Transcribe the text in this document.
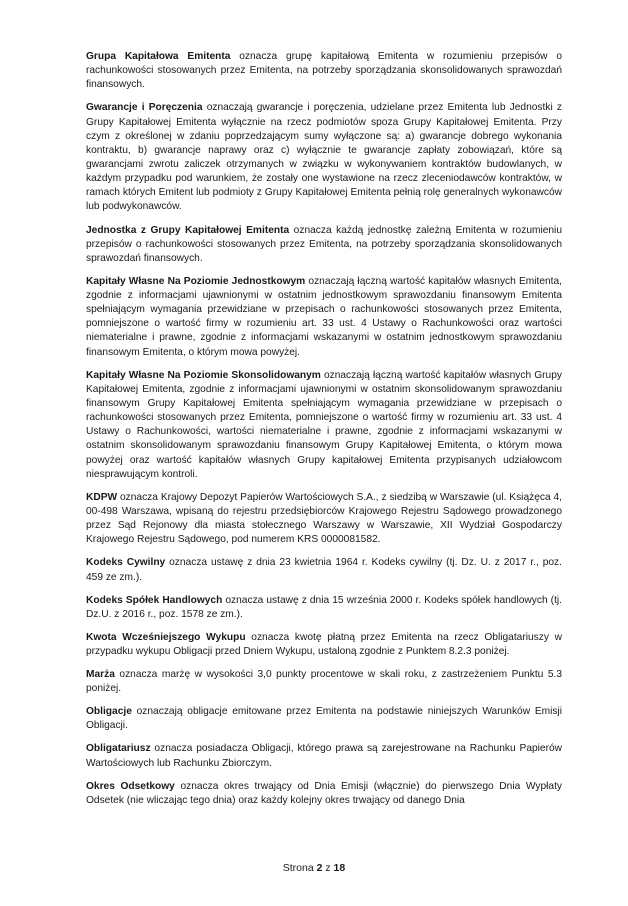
Grupa Kapitałowa Emitenta oznacza grupę kapitałową Emitenta w rozumieniu przepisów o rachunkowości stosowanych przez Emitenta, na potrzeby sporządzania skonsolidowanych sprawozdań finansowych.

Gwarancje i Poręczenia oznaczają gwarancje i poręczenia, udzielane przez Emitenta lub Jednostki z Grupy Kapitałowej Emitenta wyłącznie na rzecz podmiotów spoza Grupy Kapitałowej Emitenta. Przy czym z określonej w zdaniu poprzedzającym sumy wyłączone są: a) gwarancje dobrego wykonania kontraktu, b) gwarancje naprawy oraz c) wyłącznie te gwarancje zapłaty zobowiązań, które są gwarancjami zwrotu zaliczek otrzymanych w związku w wykonywaniem kontraktów budowlanych, w każdym przypadku pod warunkiem, że zostały one wystawione na rzecz zleceniodawców kontraktów, w ramach których Emitent lub podmioty z Grupy Kapitałowej Emitenta pełnią rolę generalnych wykonawców lub podwykonawców.

Jednostka z Grupy Kapitałowej Emitenta oznacza każdą jednostkę zależną Emitenta w rozumieniu przepisów o rachunkowości stosowanych przez Emitenta, na potrzeby sporządzania skonsolidowanych sprawozdań finansowych.

Kapitały Własne Na Poziomie Jednostkowym oznaczają łączną wartość kapitałów własnych Emitenta, zgodnie z informacjami ujawnionymi w ostatnim jednostkowym sprawozdaniu finansowym Emitenta spełniającym wymagania przewidziane w przepisach o rachunkowości stosowanych przez Emitenta, pomniejszone o wartość firmy w rozumieniu art. 33 ust. 4 Ustawy o Rachunkowości oraz wartości niematerialne i prawne, zgodnie z informacjami wskazanymi w ostatnim jednostkowym sprawozdaniu finansowym Emitenta, o którym mowa powyżej.

Kapitały Własne Na Poziomie Skonsolidowanym oznaczają łączną wartość kapitałów własnych Grupy Kapitałowej Emitenta, zgodnie z informacjami ujawnionymi w ostatnim skonsolidowanym sprawozdaniu finansowym Grupy Kapitałowej Emitenta spełniającym wymagania przewidziane w przepisach o rachunkowości stosowanych przez Emitenta, pomniejszone o wartość firmy w rozumieniu art. 33 ust. 4 Ustawy o Rachunkowości, wartości niematerialne i prawne, zgodnie z informacjami wskazanymi w ostatnim skonsolidowanym sprawozdaniu finansowym Grupy Kapitałowej Emitenta, o którym mowa powyżej oraz wartość kapitałów własnych Grupy kapitałowej Emitenta przypisanych udziałowcom niesprawującym kontroli.

KDPW oznacza Krajowy Depozyt Papierów Wartościowych S.A., z siedzibą w Warszawie (ul. Książęca 4, 00-498 Warszawa, wpisaną do rejestru przedsiębiorców Krajowego Rejestru Sądowego prowadzonego przez Sąd Rejonowy dla miasta stołecznego Warszawy w Warszawie, XII Wydział Gospodarczy Krajowego Rejestru Sądowego, pod numerem KRS 0000081582.

Kodeks Cywilny oznacza ustawę z dnia 23 kwietnia 1964 r. Kodeks cywilny (tj. Dz. U. z 2017 r., poz. 459 ze zm.).

Kodeks Spółek Handlowych oznacza ustawę z dnia 15 września 2000 r. Kodeks spółek handlowych (tj. Dz.U. z 2016 r., poz. 1578 ze zm.).

Kwota Wcześniejszego Wykupu oznacza kwotę płatną przez Emitenta na rzecz Obligatariuszy w przypadku wykupu Obligacji przed Dniem Wykupu, ustaloną zgodnie z Punktem 8.2.3 poniżej.

Marża oznacza marżę w wysokości 3,0 punkty procentowe w skali roku, z zastrzeżeniem Punktu 5.3 poniżej.

Obligacje oznaczają obligacje emitowane przez Emitenta na podstawie niniejszych Warunków Emisji Obligacji.

Obligatariusz oznacza posiadacza Obligacji, którego prawa są zarejestrowane na Rachunku Papierów Wartościowych lub Rachunku Zbiorczym.

Okres Odsetkowy oznacza okres trwający od Dnia Emisji (włącznie) do pierwszego Dnia Wypłaty Odsetek (nie wliczając tego dnia) oraz każdy kolejny okres trwający od danego Dnia

Strona 2 z 18
